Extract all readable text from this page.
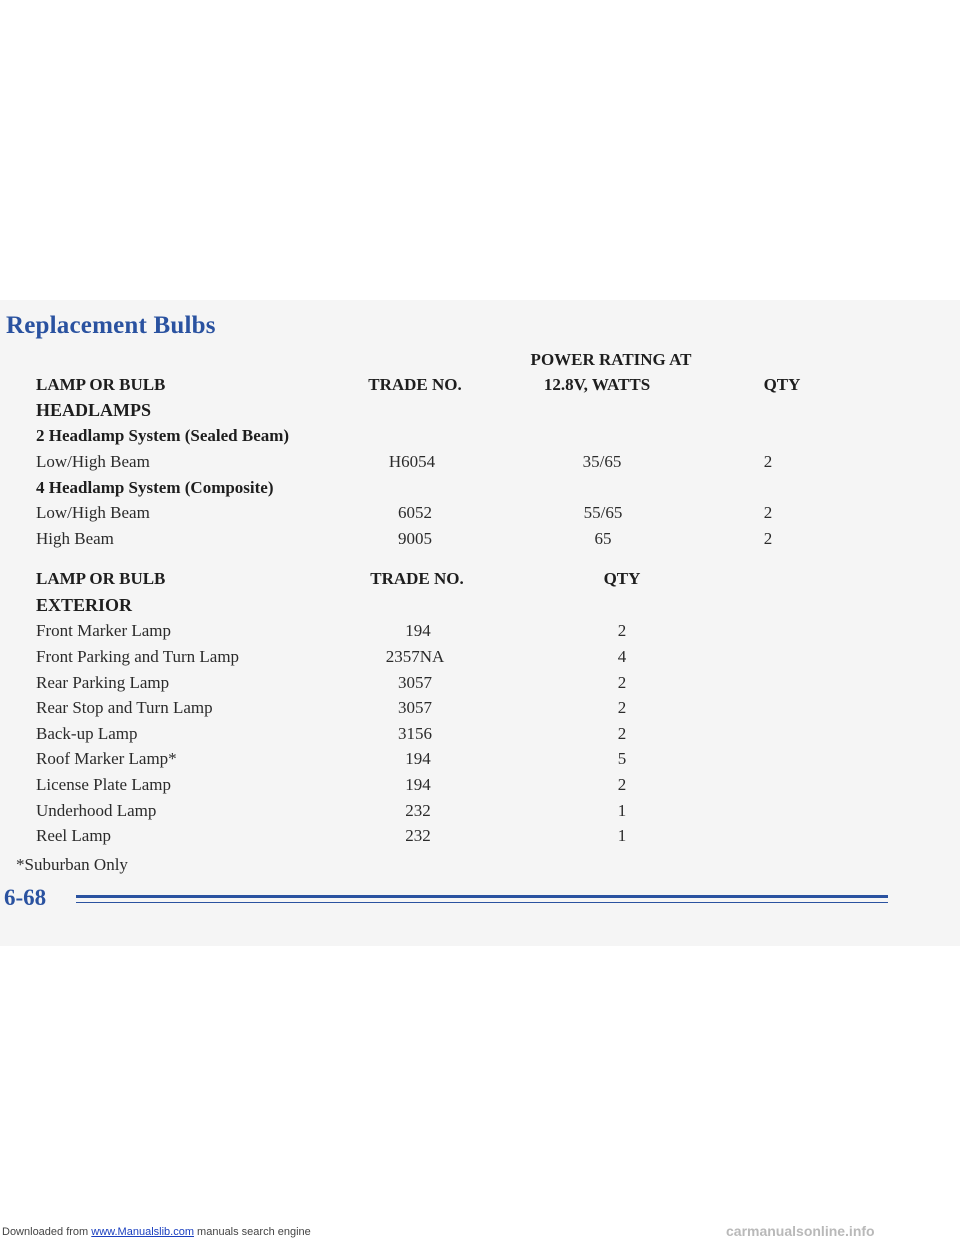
Downloaded from www.Manualslib.com manuals search engine	carmanualsonline.info
Replacement Bulbs
POWER RATING AT
LAMP OR BULB	TRADE NO.	12.8V, WATTS	QTY
HEADLAMPS
2 Headlamp System (Sealed Beam)
Low/High Beam	H6054	35/65	2
4 Headlamp System (Composite)
Low/High Beam	6052	55/65	2
High Beam	9005	65	2
LAMP OR BULB	TRADE NO.	QTY
EXTERIOR
Front Marker Lamp	194	2
Front Parking and Turn Lamp	2357NA	4
Rear Parking Lamp	3057	2
Rear Stop and Turn Lamp	3057	2
Back-up Lamp	3156	2
Roof Marker Lamp*	194	5
License Plate Lamp	194	2
Underhood Lamp	232	1
Reel Lamp	232	1
*Suburban Only
6-68
